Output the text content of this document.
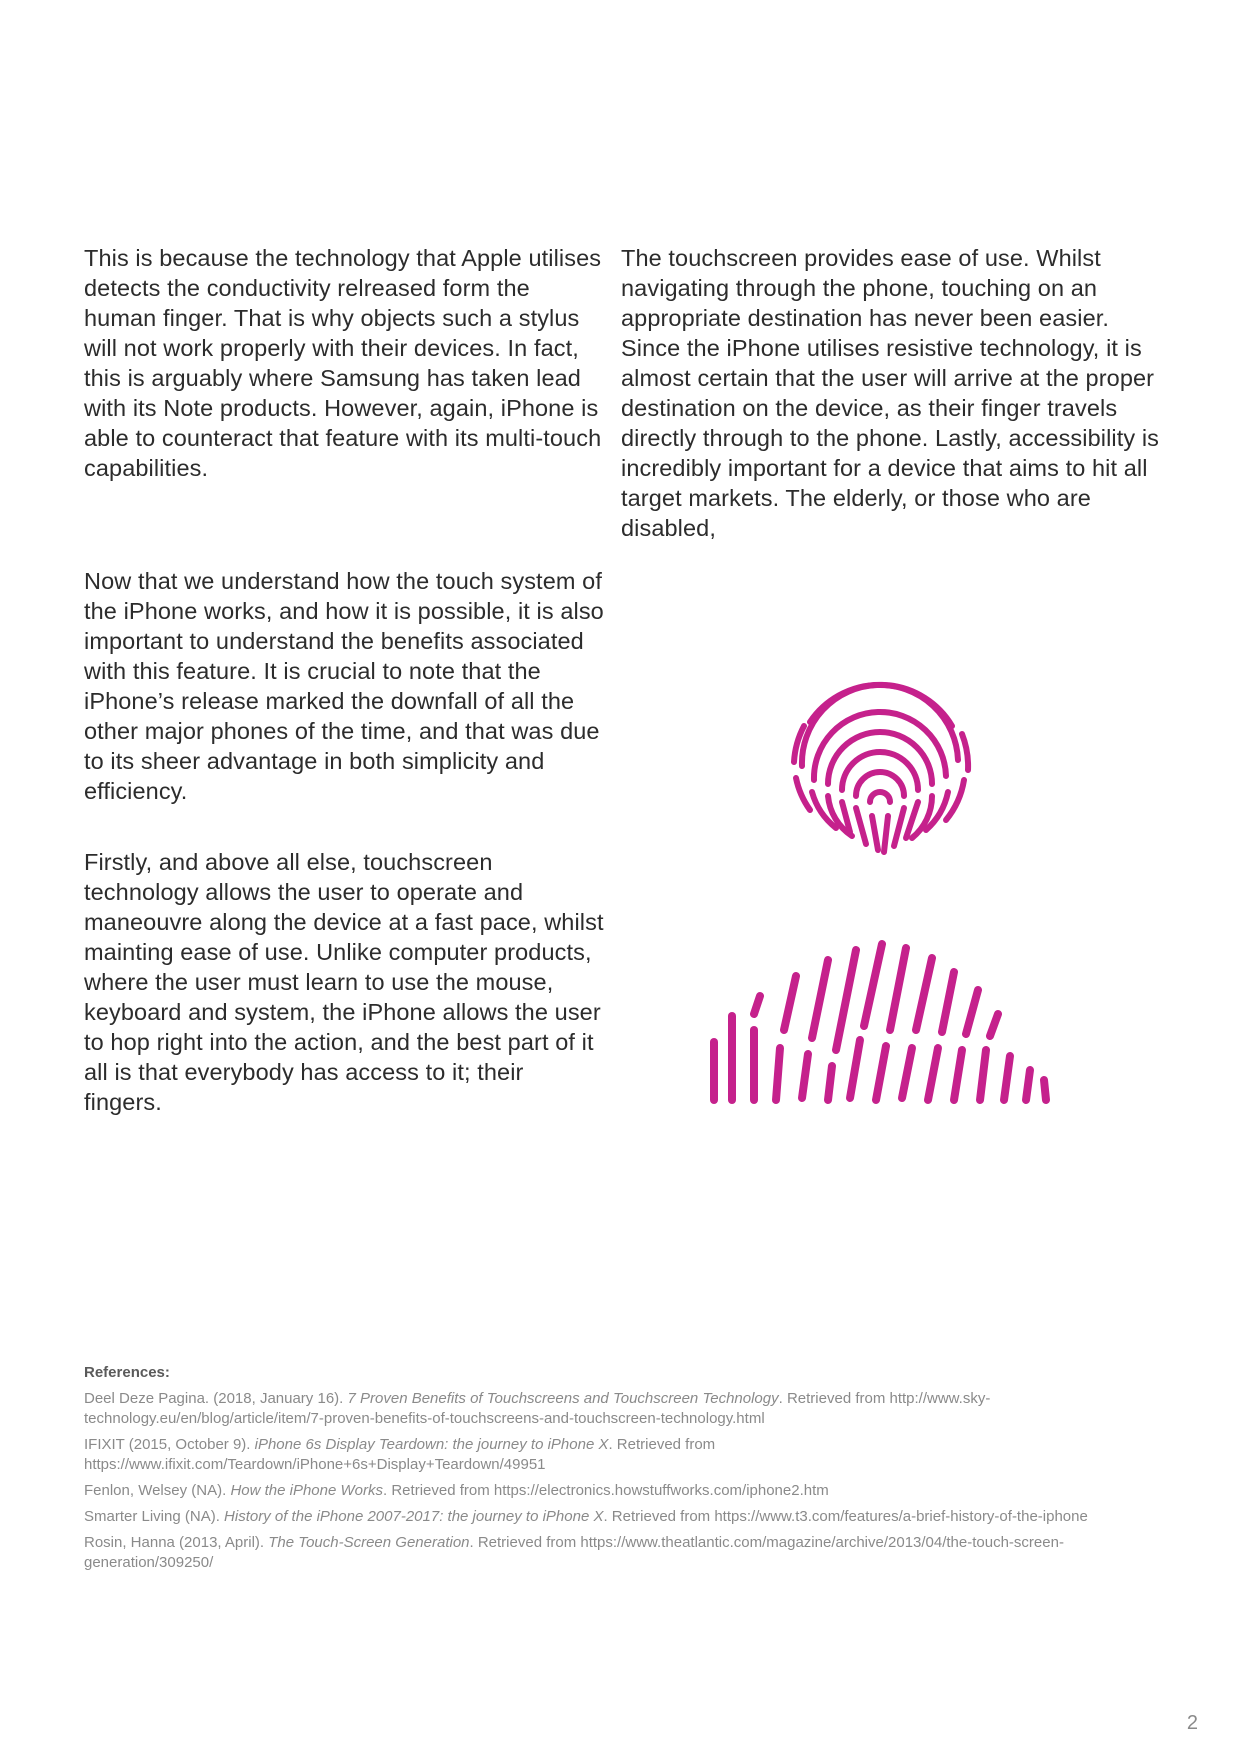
This is because the technology that Apple utilises detects the conductivity relreased form the human finger. That is why objects such a stylus will not work properly with their devices. In fact, this is arguably where Samsung has taken lead with its Note products. However, again, iPhone is able to counteract that feature with its multi-touch capabilities.

Now that we understand how the touch system of the iPhone works, and how it is possible, it is also important to understand the benefits associated with this feature. It is crucial to note that the iPhone’s release marked the downfall of all the other major phones of the time, and that was due to its sheer advantage in both simplicity and efficiency.

Firstly, and above all else, touchscreen technology allows the user to operate and maneouvre along the device at a fast pace, whilst mainting ease of use. Unlike computer products, where the user must learn to use the mouse, keyboard and system, the iPhone allows the user to hop right into the action, and the best part of it all is that everybody has access to it; their fingers.

The touchscreen provides ease of use. Whilst navigating through the phone, touching on an appropriate destination has never been easier. Since the iPhone utilises resistive technology, it is almost certain that the user will arrive at the proper destination on the device, as their finger travels directly through to the phone. Lastly, accessibility is incredibly important for a device that aims to hit all target markets. The elderly, or those who are disabled,

References:
Deel Deze Pagina. (2018, January 16). 7 Proven Benefits of Touchscreens and Touchscreen Technology. Retrieved from http://www.sky-technology.eu/en/blog/article/item/7-proven-benefits-of-touchscreens-and-touchscreen-technology.html
IFIXIT (2015, October 9). iPhone 6s Display Teardown: the journey to iPhone X. Retrieved from https://www.ifixit.com/Teardown/iPhone+6s+Display+Teardown/49951
Fenlon, Welsey (NA). How the iPhone Works. Retrieved from https://electronics.howstuffworks.com/iphone2.htm
Smarter Living (NA). History of the iPhone 2007-2017: the journey to iPhone X. Retrieved from https://www.t3.com/features/a-brief-history-of-the-iphone
Rosin, Hanna (2013, April). The Touch-Screen Generation. Retrieved from https://www.theatlantic.com/magazine/archive/2013/04/the-touch-screen-generation/309250/
2
